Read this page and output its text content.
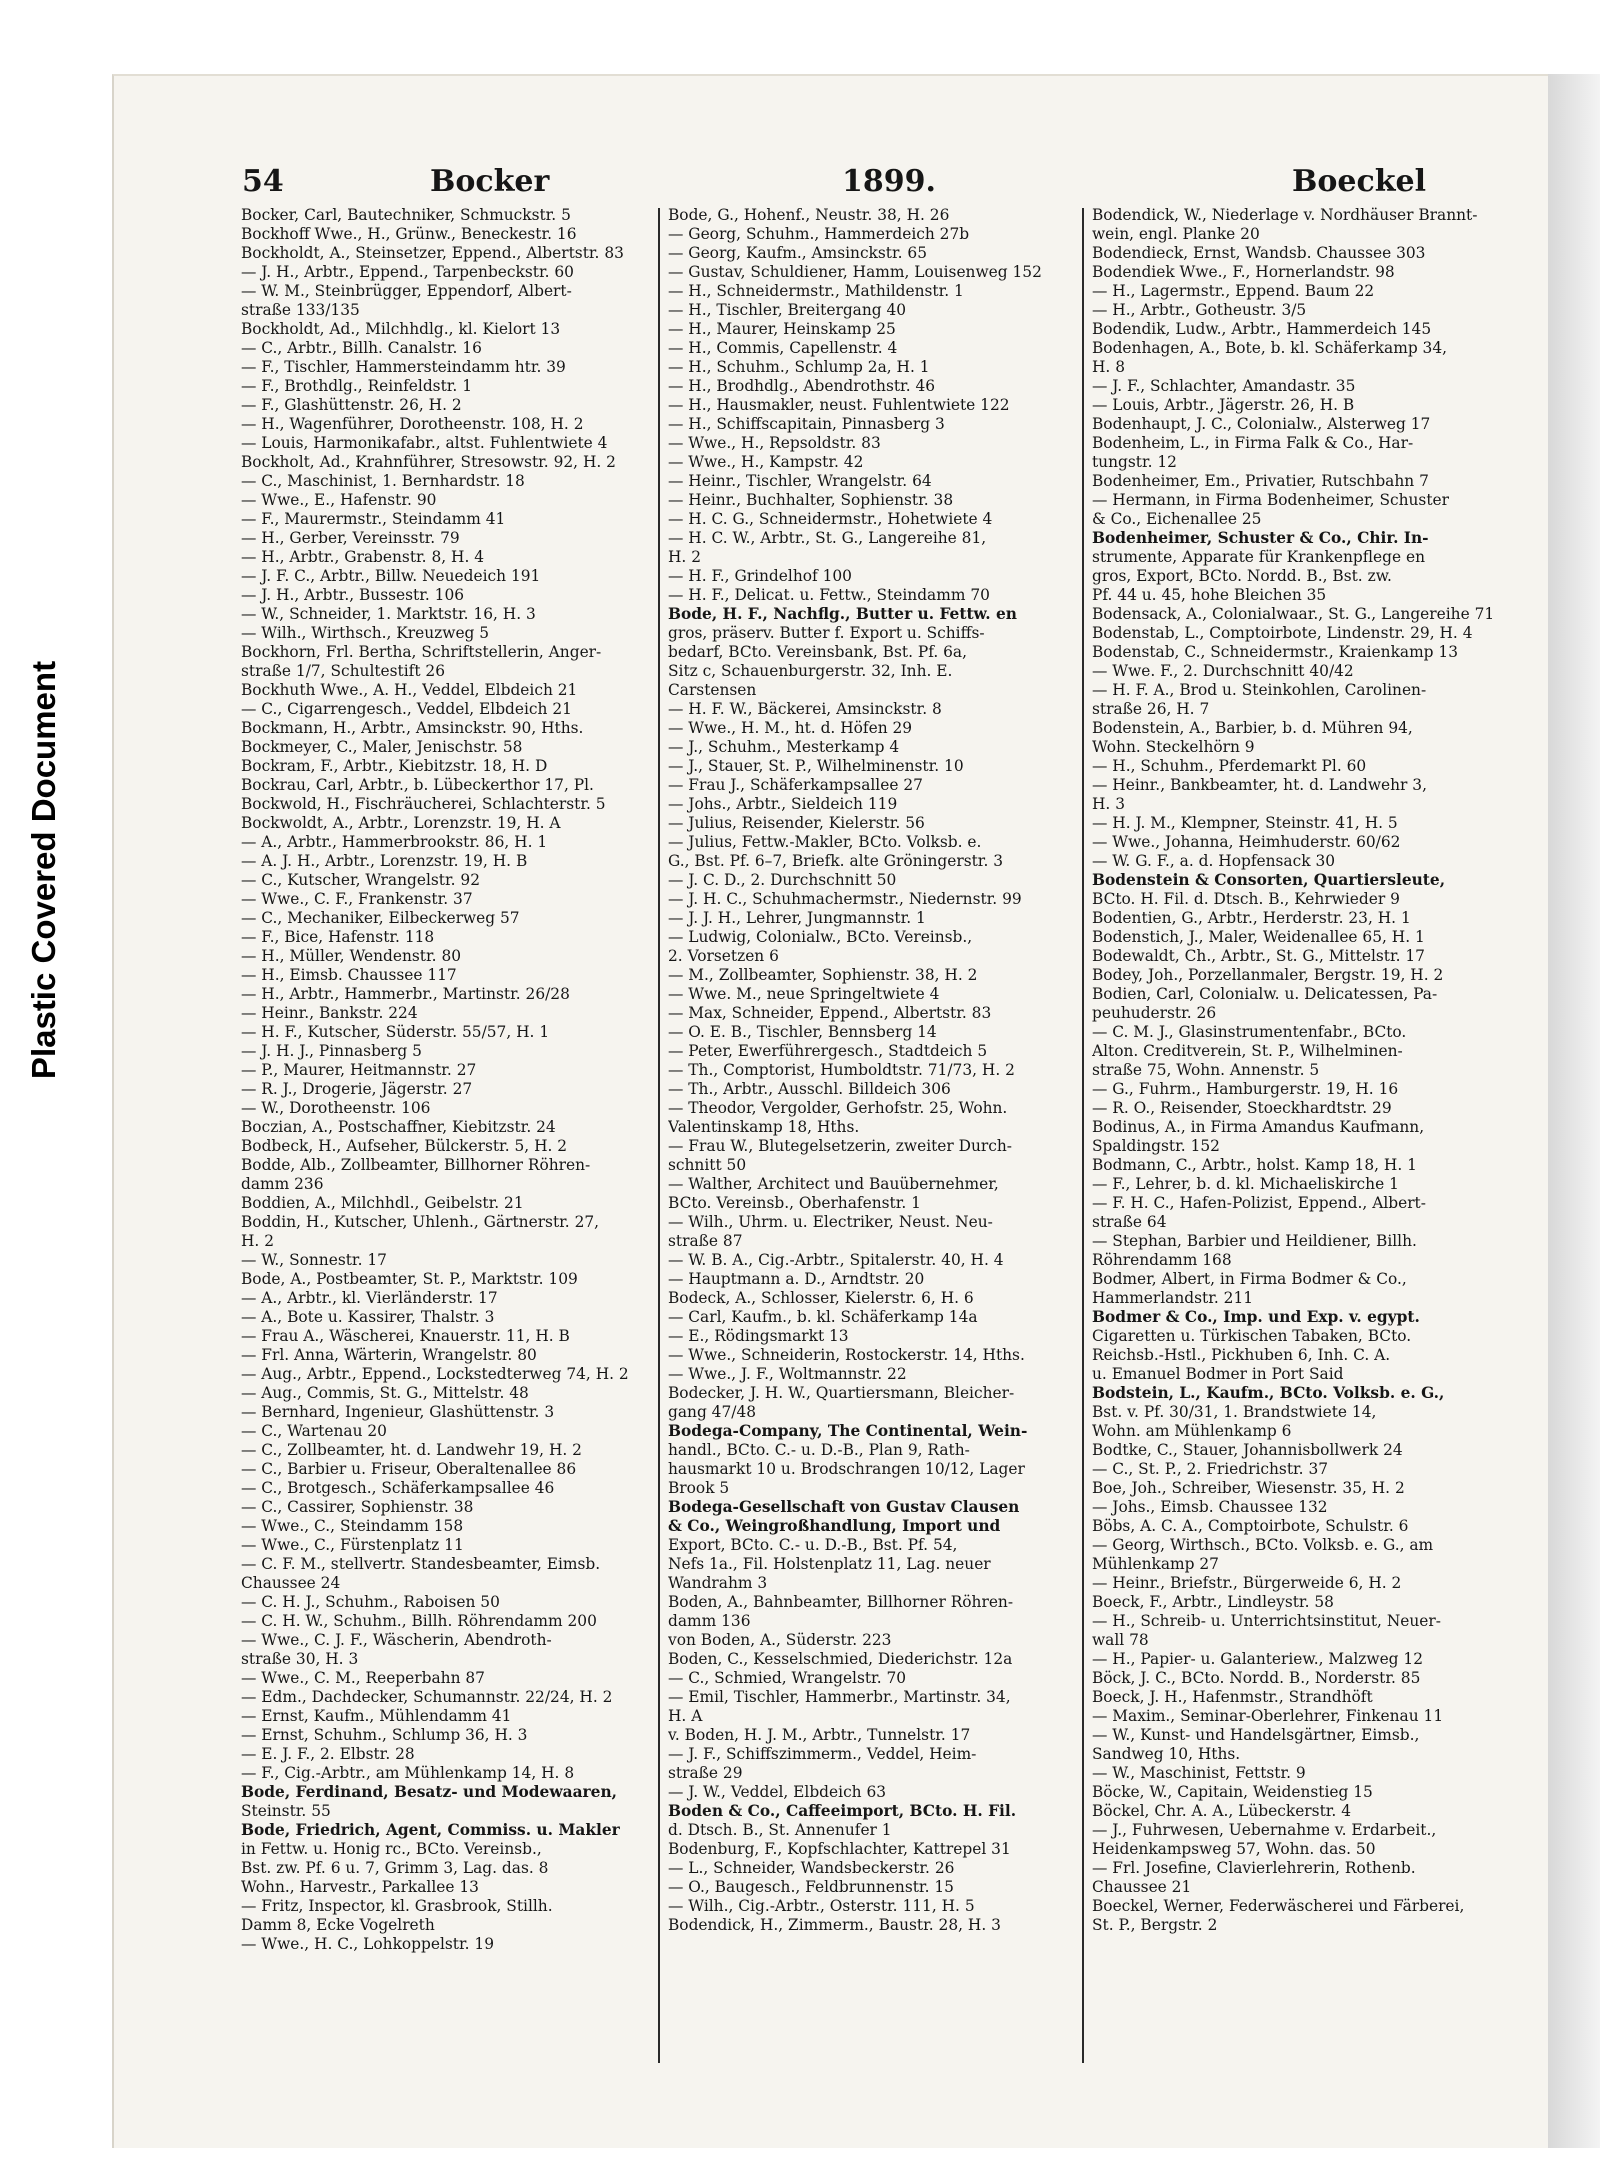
Plastic Covered Document
54	Bocker	1899.	Boeckel
Bocker, Carl, Bautechniker, Schmuckstr. 5
Bockhoff Wwe., H., Grünw., Beneckestr. 16
Bockholdt, A., Steinsetzer, Eppend., Albertstr. 83
— J. H., Arbtr., Eppend., Tarpenbeckstr. 60
— W. M., Steinbrügger, Eppendorf, Albert-
straße 133/135
Bockholdt, Ad., Milchhdlg., kl. Kielort 13
— C., Arbtr., Billh. Canalstr. 16
— F., Tischler, Hammersteindamm htr. 39
— F., Brothdlg., Reinfeldstr. 1
— F., Glashüttenstr. 26, H. 2
— H., Wagenführer, Dorotheenstr. 108, H. 2
— Louis, Harmonikafabr., altst. Fuhlentwiete 4
Bockholt, Ad., Krahnführer, Stresowstr. 92, H. 2
— C., Maschinist, 1. Bernhardstr. 18
— Wwe., E., Hafenstr. 90
— F., Maurermstr., Steindamm 41
— H., Gerber, Vereinsstr. 79
— H., Arbtr., Grabenstr. 8, H. 4
— J. F. C., Arbtr., Billw. Neuedeich 191
— J. H., Arbtr., Bussestr. 106
— W., Schneider, 1. Marktstr. 16, H. 3
— Wilh., Wirthsch., Kreuzweg 5
Bockhorn, Frl. Bertha, Schriftstellerin, Anger-
straße 1/7, Schultestift 26
Bockhuth Wwe., A. H., Veddel, Elbdeich 21
— C., Cigarrengesch., Veddel, Elbdeich 21
Bockmann, H., Arbtr., Amsinckstr. 90, Hths.
Bockmeyer, C., Maler, Jenischstr. 58
Bockram, F., Arbtr., Kiebitzstr. 18, H. D
Bockrau, Carl, Arbtr., b. Lübeckerthor 17, Pl.
Bockwold, H., Fischräucherei, Schlachterstr. 5
Bockwoldt, A., Arbtr., Lorenzstr. 19, H. A
— A., Arbtr., Hammerbrookstr. 86, H. 1
— A. J. H., Arbtr., Lorenzstr. 19, H. B
— C., Kutscher, Wrangelstr. 92
— Wwe., C. F., Frankenstr. 37
— C., Mechaniker, Eilbeckerweg 57
— F., Bice, Hafenstr. 118
— H., Müller, Wendenstr. 80
— H., Eimsb. Chaussee 117
— H., Arbtr., Hammerbr., Martinstr. 26/28
— Heinr., Bankstr. 224
— H. F., Kutscher, Süderstr. 55/57, H. 1
— J. H. J., Pinnasberg 5
— P., Maurer, Heitmannstr. 27
— R. J., Drogerie, Jägerstr. 27
— W., Dorotheenstr. 106
Boczian, A., Postschaffner, Kiebitzstr. 24
Bodbeck, H., Aufseher, Bülckerstr. 5, H. 2
Bodde, Alb., Zollbeamter, Billhorner Röhren-
damm 236
Boddien, A., Milchhdl., Geibelstr. 21
Boddin, H., Kutscher, Uhlenh., Gärtnerstr. 27,
H. 2
— W., Sonnestr. 17
Bode, A., Postbeamter, St. P., Marktstr. 109
— A., Arbtr., kl. Vierländerstr. 17
— A., Bote u. Kassirer, Thalstr. 3
— Frau A., Wäscherei, Knauerstr. 11, H. B
— Frl. Anna, Wärterin, Wrangelstr. 80
— Aug., Arbtr., Eppend., Lockstedterweg 74, H. 2
— Aug., Commis, St. G., Mittelstr. 48
— Bernhard, Ingenieur, Glashüttenstr. 3
— C., Wartenau 20
— C., Zollbeamter, ht. d. Landwehr 19, H. 2
— C., Barbier u. Friseur, Oberaltenallee 86
— C., Brotgesch., Schäferkampsallee 46
— C., Cassirer, Sophienstr. 38
— Wwe., C., Steindamm 158
— Wwe., C., Fürstenplatz 11
— C. F. M., stellvertr. Standesbeamter, Eimsb.
Chaussee 24
— C. H. J., Schuhm., Raboisen 50
— C. H. W., Schuhm., Billh. Röhrendamm 200
— Wwe., C. J. F., Wäscherin, Abendroth-
straße 30, H. 3
— Wwe., C. M., Reeperbahn 87
— Edm., Dachdecker, Schumannstr. 22/24, H. 2
— Ernst, Kaufm., Mühlendamm 41
— Ernst, Schuhm., Schlump 36, H. 3
— E. J. F., 2. Elbstr. 28
— F., Cig.-Arbtr., am Mühlenkamp 14, H. 8
Bode, Ferdinand, Besatz- und Modewaaren,
Steinstr. 55
Bode, Friedrich, Agent, Commiss. u. Makler
in Fettw. u. Honig rc., BCto. Vereinsb.,
Bst. zw. Pf. 6 u. 7, Grimm 3, Lag. das. 8
Wohn., Harvestr., Parkallee 13
— Fritz, Inspector, kl. Grasbrook, Stillh.
Damm 8, Ecke Vogelreth
— Wwe., H. C., Lohkoppelstr. 19
Bode, G., Hohenf., Neustr. 38, H. 26
— Georg, Schuhm., Hammerdeich 27b
— Georg, Kaufm., Amsinckstr. 65
— Gustav, Schuldiener, Hamm, Louisenweg 152
— H., Schneidermstr., Mathildenstr. 1
— H., Tischler, Breitergang 40
— H., Maurer, Heinskamp 25
— H., Commis, Capellenstr. 4
— H., Schuhm., Schlump 2a, H. 1
— H., Brodhdlg., Abendrothstr. 46
— H., Hausmakler, neust. Fuhlentwiete 122
— H., Schiffscapitain, Pinnasberg 3
— Wwe., H., Repsoldstr. 83
— Wwe., H., Kampstr. 42
— Heinr., Tischler, Wrangelstr. 64
— Heinr., Buchhalter, Sophienstr. 38
— H. C. G., Schneidermstr., Hohetwiete 4
— H. C. W., Arbtr., St. G., Langereihe 81,
H. 2
— H. F., Grindelhof 100
— H. F., Delicat. u. Fettw., Steindamm 70
Bode, H. F., Nachflg., Butter u. Fettw. en
gros, präserv. Butter f. Export u. Schiffs-
bedarf, BCto. Vereinsbank, Bst. Pf. 6a,
Sitz c, Schauenburgerstr. 32, Inh. E.
Carstensen
— H. F. W., Bäckerei, Amsinckstr. 8
— Wwe., H. M., ht. d. Höfen 29
— J., Schuhm., Mesterkamp 4
— J., Stauer, St. P., Wilhelminenstr. 10
— Frau J., Schäferkampsallee 27
— Johs., Arbtr., Sieldeich 119
— Julius, Reisender, Kielerstr. 56
— Julius, Fettw.-Makler, BCto. Volksb. e.
G., Bst. Pf. 6–7, Briefk. alte Gröningerstr. 3
— J. C. D., 2. Durchschnitt 50
— J. H. C., Schuhmachermstr., Niedernstr. 99
— J. J. H., Lehrer, Jungmannstr. 1
— Ludwig, Colonialw., BCto. Vereinsb.,
2. Vorsetzen 6
— M., Zollbeamter, Sophienstr. 38, H. 2
— Wwe. M., neue Springeltwiete 4
— Max, Schneider, Eppend., Albertstr. 83
— O. E. B., Tischler, Bennsberg 14
— Peter, Ewerführergesch., Stadtdeich 5
— Th., Comptorist, Humboldtstr. 71/73, H. 2
— Th., Arbtr., Ausschl. Billdeich 306
— Theodor, Vergolder, Gerhofstr. 25, Wohn.
Valentinskamp 18, Hths.
— Frau W., Blutegelsetzerin, zweiter Durch-
schnitt 50
— Walther, Architect und Bauübernehmer,
BCto. Vereinsb., Oberhafenstr. 1
— Wilh., Uhrm. u. Electriker, Neust. Neu-
straße 87
— W. B. A., Cig.-Arbtr., Spitalerstr. 40, H. 4
— Hauptmann a. D., Arndtstr. 20
Bodeck, A., Schlosser, Kielerstr. 6, H. 6
— Carl, Kaufm., b. kl. Schäferkamp 14a
— E., Rödingsmarkt 13
— Wwe., Schneiderin, Rostockerstr. 14, Hths.
— Wwe., J. F., Woltmannstr. 22
Bodecker, J. H. W., Quartiersmann, Bleicher-
gang 47/48
Bodega-Company, The Continental, Wein-
handl., BCto. C.- u. D.-B., Plan 9, Rath-
hausmarkt 10 u. Brodschrangen 10/12, Lager
Brook 5
Bodega-Gesellschaft von Gustav Clausen
& Co., Weingroßhandlung, Import und
Export, BCto. C.- u. D.-B., Bst. Pf. 54,
Nefs 1a., Fil. Holstenplatz 11, Lag. neuer
Wandrahm 3
Boden, A., Bahnbeamter, Billhorner Röhren-
damm 136
von Boden, A., Süderstr. 223
Boden, C., Kesselschmied, Diederichstr. 12a
— C., Schmied, Wrangelstr. 70
— Emil, Tischler, Hammerbr., Martinstr. 34,
H. A
v. Boden, H. J. M., Arbtr., Tunnelstr. 17
— J. F., Schiffszimmerm., Veddel, Heim-
straße 29
— J. W., Veddel, Elbdeich 63
Boden & Co., Caffeeimport, BCto. H. Fil.
d. Dtsch. B., St. Annenufer 1
Bodenburg, F., Kopfschlachter, Kattrepel 31
— L., Schneider, Wandsbeckerstr. 26
— O., Baugesch., Feldbrunnenstr. 15
— Wilh., Cig.-Arbtr., Osterstr. 111, H. 5
Bodendick, H., Zimmerm., Baustr. 28, H. 3
Bodendick, W., Niederlage v. Nordhäuser Brannt-
wein, engl. Planke 20
Bodendieck, Ernst, Wandsb. Chaussee 303
Bodendiek Wwe., F., Hornerlandstr. 98
— H., Lagermstr., Eppend. Baum 22
— H., Arbtr., Gotheustr. 3/5
Bodendik, Ludw., Arbtr., Hammerdeich 145
Bodenhagen, A., Bote, b. kl. Schäferkamp 34,
H. 8
— J. F., Schlachter, Amandastr. 35
— Louis, Arbtr., Jägerstr. 26, H. B
Bodenhaupt, J. C., Colonialw., Alsterweg 17
Bodenheim, L., in Firma Falk & Co., Har-
tungstr. 12
Bodenheimer, Em., Privatier, Rutschbahn 7
— Hermann, in Firma Bodenheimer, Schuster
& Co., Eichenallee 25
Bodenheimer, Schuster & Co., Chir. In-
strumente, Apparate für Krankenpflege en
gros, Export, BCto. Nordd. B., Bst. zw.
Pf. 44 u. 45, hohe Bleichen 35
Bodensack, A., Colonialwaar., St. G., Langereihe 71
Bodenstab, L., Comptoirbote, Lindenstr. 29, H. 4
Bodenstab, C., Schneidermstr., Kraienkamp 13
— Wwe. F., 2. Durchschnitt 40/42
— H. F. A., Brod u. Steinkohlen, Carolinen-
straße 26, H. 7
Bodenstein, A., Barbier, b. d. Mühren 94,
Wohn. Steckelhörn 9
— H., Schuhm., Pferdemarkt Pl. 60
— Heinr., Bankbeamter, ht. d. Landwehr 3,
H. 3
— H. J. M., Klempner, Steinstr. 41, H. 5
— Wwe., Johanna, Heimhuderstr. 60/62
— W. G. F., a. d. Hopfensack 30
Bodenstein & Consorten, Quartiersleute,
BCto. H. Fil. d. Dtsch. B., Kehrwieder 9
Bodentien, G., Arbtr., Herderstr. 23, H. 1
Bodenstich, J., Maler, Weidenallee 65, H. 1
Bodewaldt, Ch., Arbtr., St. G., Mittelstr. 17
Bodey, Joh., Porzellanmaler, Bergstr. 19, H. 2
Bodien, Carl, Colonialw. u. Delicatessen, Pa-
peuhuderstr. 26
— C. M. J., Glasinstrumentenfabr., BCto.
Alton. Creditverein, St. P., Wilhelminen-
straße 75, Wohn. Annenstr. 5
— G., Fuhrm., Hamburgerstr. 19, H. 16
— R. O., Reisender, Stoeckhardtstr. 29
Bodinus, A., in Firma Amandus Kaufmann,
Spaldingstr. 152
Bodmann, C., Arbtr., holst. Kamp 18, H. 1
— F., Lehrer, b. d. kl. Michaeliskirche 1
— F. H. C., Hafen-Polizist, Eppend., Albert-
straße 64
— Stephan, Barbier und Heildiener, Billh.
Röhrendamm 168
Bodmer, Albert, in Firma Bodmer & Co.,
Hammerlandstr. 211
Bodmer & Co., Imp. und Exp. v. egypt.
Cigaretten u. Türkischen Tabaken, BCto.
Reichsb.-Hstl., Pickhuben 6, Inh. C. A.
u. Emanuel Bodmer in Port Said
Bodstein, L., Kaufm., BCto. Volksb. e. G.,
Bst. v. Pf. 30/31, 1. Brandstwiete 14,
Wohn. am Mühlenkamp 6
Bodtke, C., Stauer, Johannisbollwerk 24
— C., St. P., 2. Friedrichstr. 37
Boe, Joh., Schreiber, Wiesenstr. 35, H. 2
— Johs., Eimsb. Chaussee 132
Böbs, A. C. A., Comptoirbote, Schulstr. 6
— Georg, Wirthsch., BCto. Volksb. e. G., am
Mühlenkamp 27
— Heinr., Briefstr., Bürgerweide 6, H. 2
Boeck, F., Arbtr., Lindleystr. 58
— H., Schreib- u. Unterrichtsinstitut, Neuer-
wall 78
— H., Papier- u. Galanteriew., Malzweg 12
Böck, J. C., BCto. Nordd. B., Norderstr. 85
Boeck, J. H., Hafenmstr., Strandhöft
— Maxim., Seminar-Oberlehrer, Finkenau 11
— W., Kunst- und Handelsgärtner, Eimsb.,
Sandweg 10, Hths.
— W., Maschinist, Fettstr. 9
Böcke, W., Capitain, Weidenstieg 15
Böckel, Chr. A. A., Lübeckerstr. 4
— J., Fuhrwesen, Uebernahme v. Erdarbeit.,
Heidenkampsweg 57, Wohn. das. 50
— Frl. Josefine, Clavierlehrerin, Rothenb.
Chaussee 21
Boeckel, Werner, Federwäscherei und Färberei,
St. P., Bergstr. 2
